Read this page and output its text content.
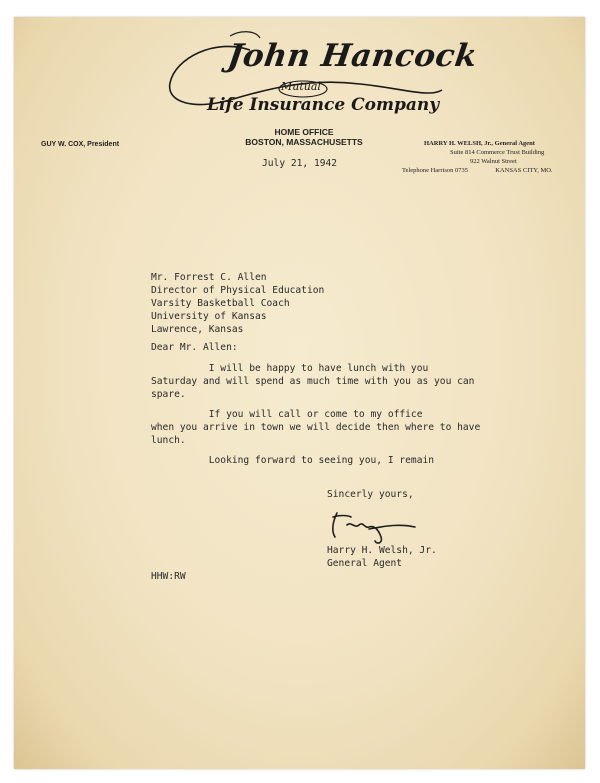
John Hancock
Mutual
Life Insurance Company
HOME OFFICE
BOSTON, MASSACHUSETTS
GUY W. COX, President	HARRY H. WELSH, Jr., General Agent
Suite 814 Commerce Trust Building
922 Walnut Street
Telephone Harrison 0735	KANSAS CITY, MO.
July 21, 1942
Mr. Forrest C. Allen
Director of Physical Education
Varsity Basketball Coach
University of Kansas
Lawrence, Kansas
Dear Mr. Allen:
I will be happy to have lunch with you
Saturday and will spend as much time with you as you can
spare.
If you will call or come to my office
when you arrive in town we will decide then where to have
lunch.
Looking forward to seeing you, I remain
Sincerly yours,
Harry H. Welsh, Jr.
General Agent
HHW:RW
